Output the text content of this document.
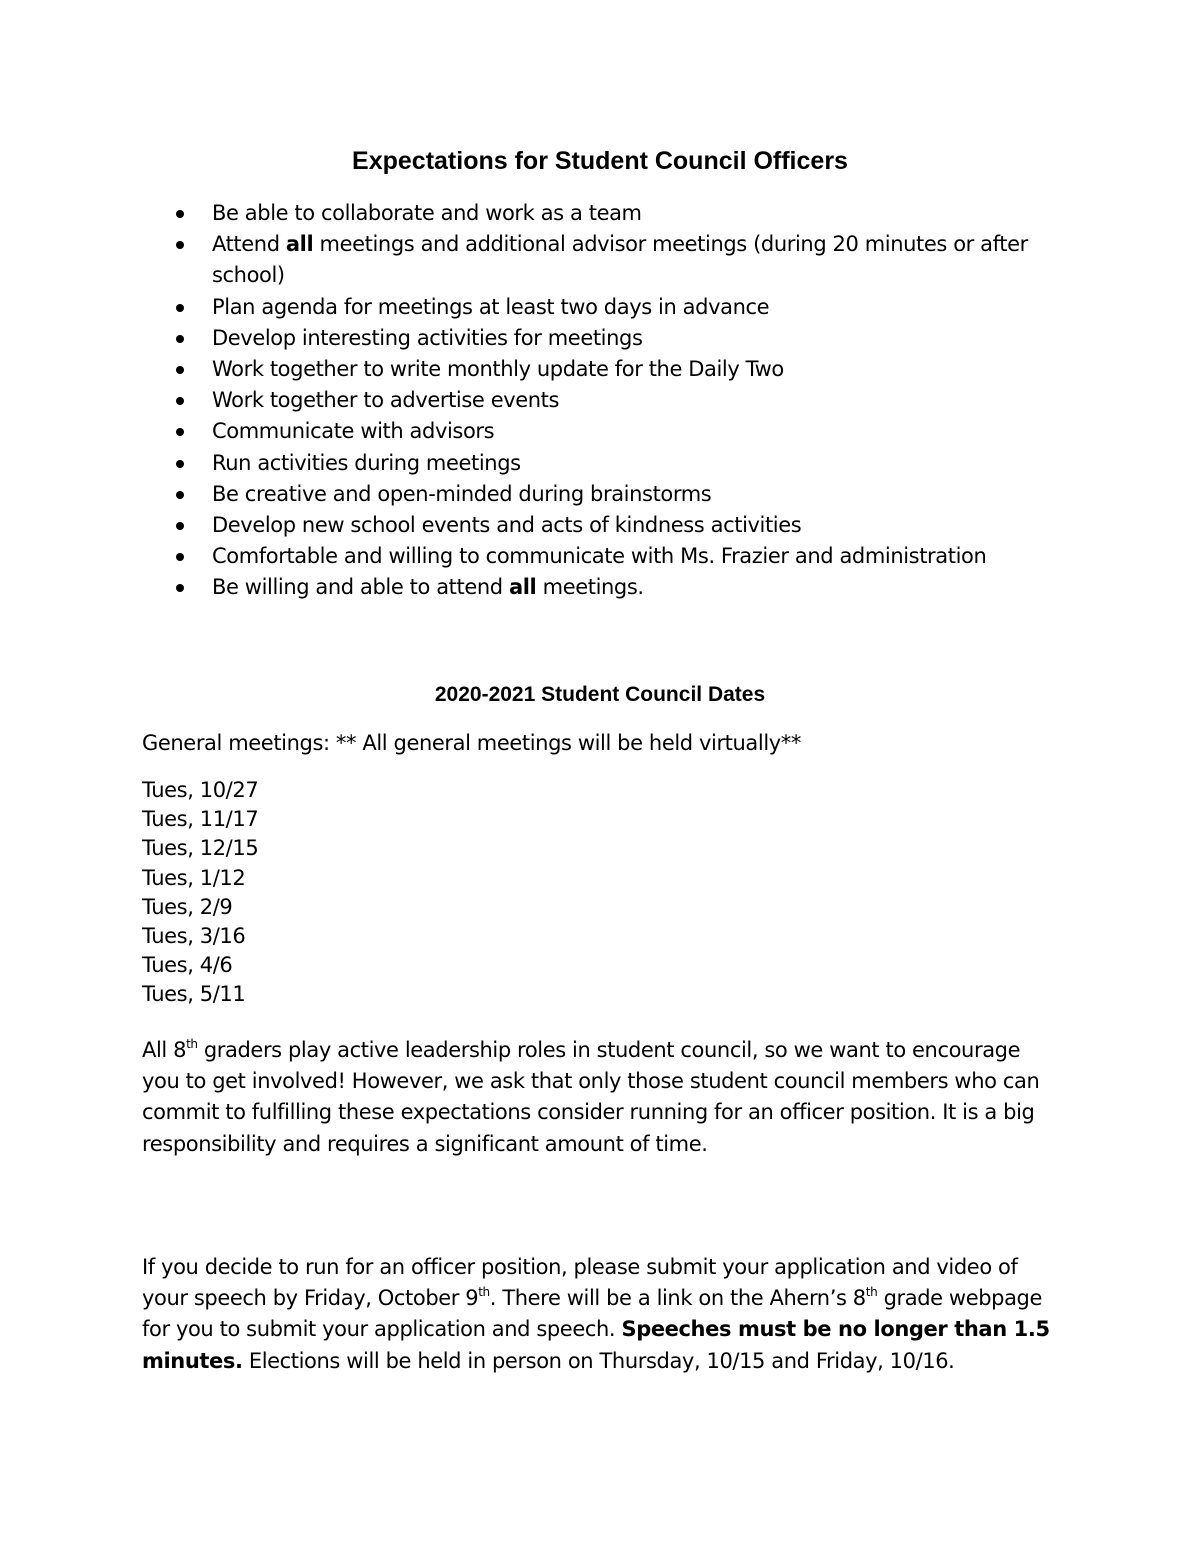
Expectations for Student Council Officers
Be able to collaborate and work as a team
Attend all meetings and additional advisor meetings (during 20 minutes or after school)
Plan agenda for meetings at least two days in advance
Develop interesting activities for meetings
Work together to write monthly update for the Daily Two
Work together to advertise events
Communicate with advisors
Run activities during meetings
Be creative and open-minded during brainstorms
Develop new school events and acts of kindness activities
Comfortable and willing to communicate with Ms. Frazier and administration
Be willing and able to attend all meetings.
2020-2021 Student Council Dates

General meetings: ** All general meetings will be held virtually**

Tues, 10/27
Tues, 11/17
Tues, 12/15
Tues, 1/12
Tues, 2/9
Tues, 3/16
Tues, 4/6
Tues, 5/11

All 8th graders play active leadership roles in student council, so we want to encourage you to get involved! However, we ask that only those student council members who can commit to fulfilling these expectations consider running for an officer position. It is a big responsibility and requires a significant amount of time.

If you decide to run for an officer position, please submit your application and video of your speech by Friday, October 9th. There will be a link on the Ahern’s 8th grade webpage for you to submit your application and speech. Speeches must be no longer than 1.5 minutes. Elections will be held in person on Thursday, 10/15 and Friday, 10/16.
